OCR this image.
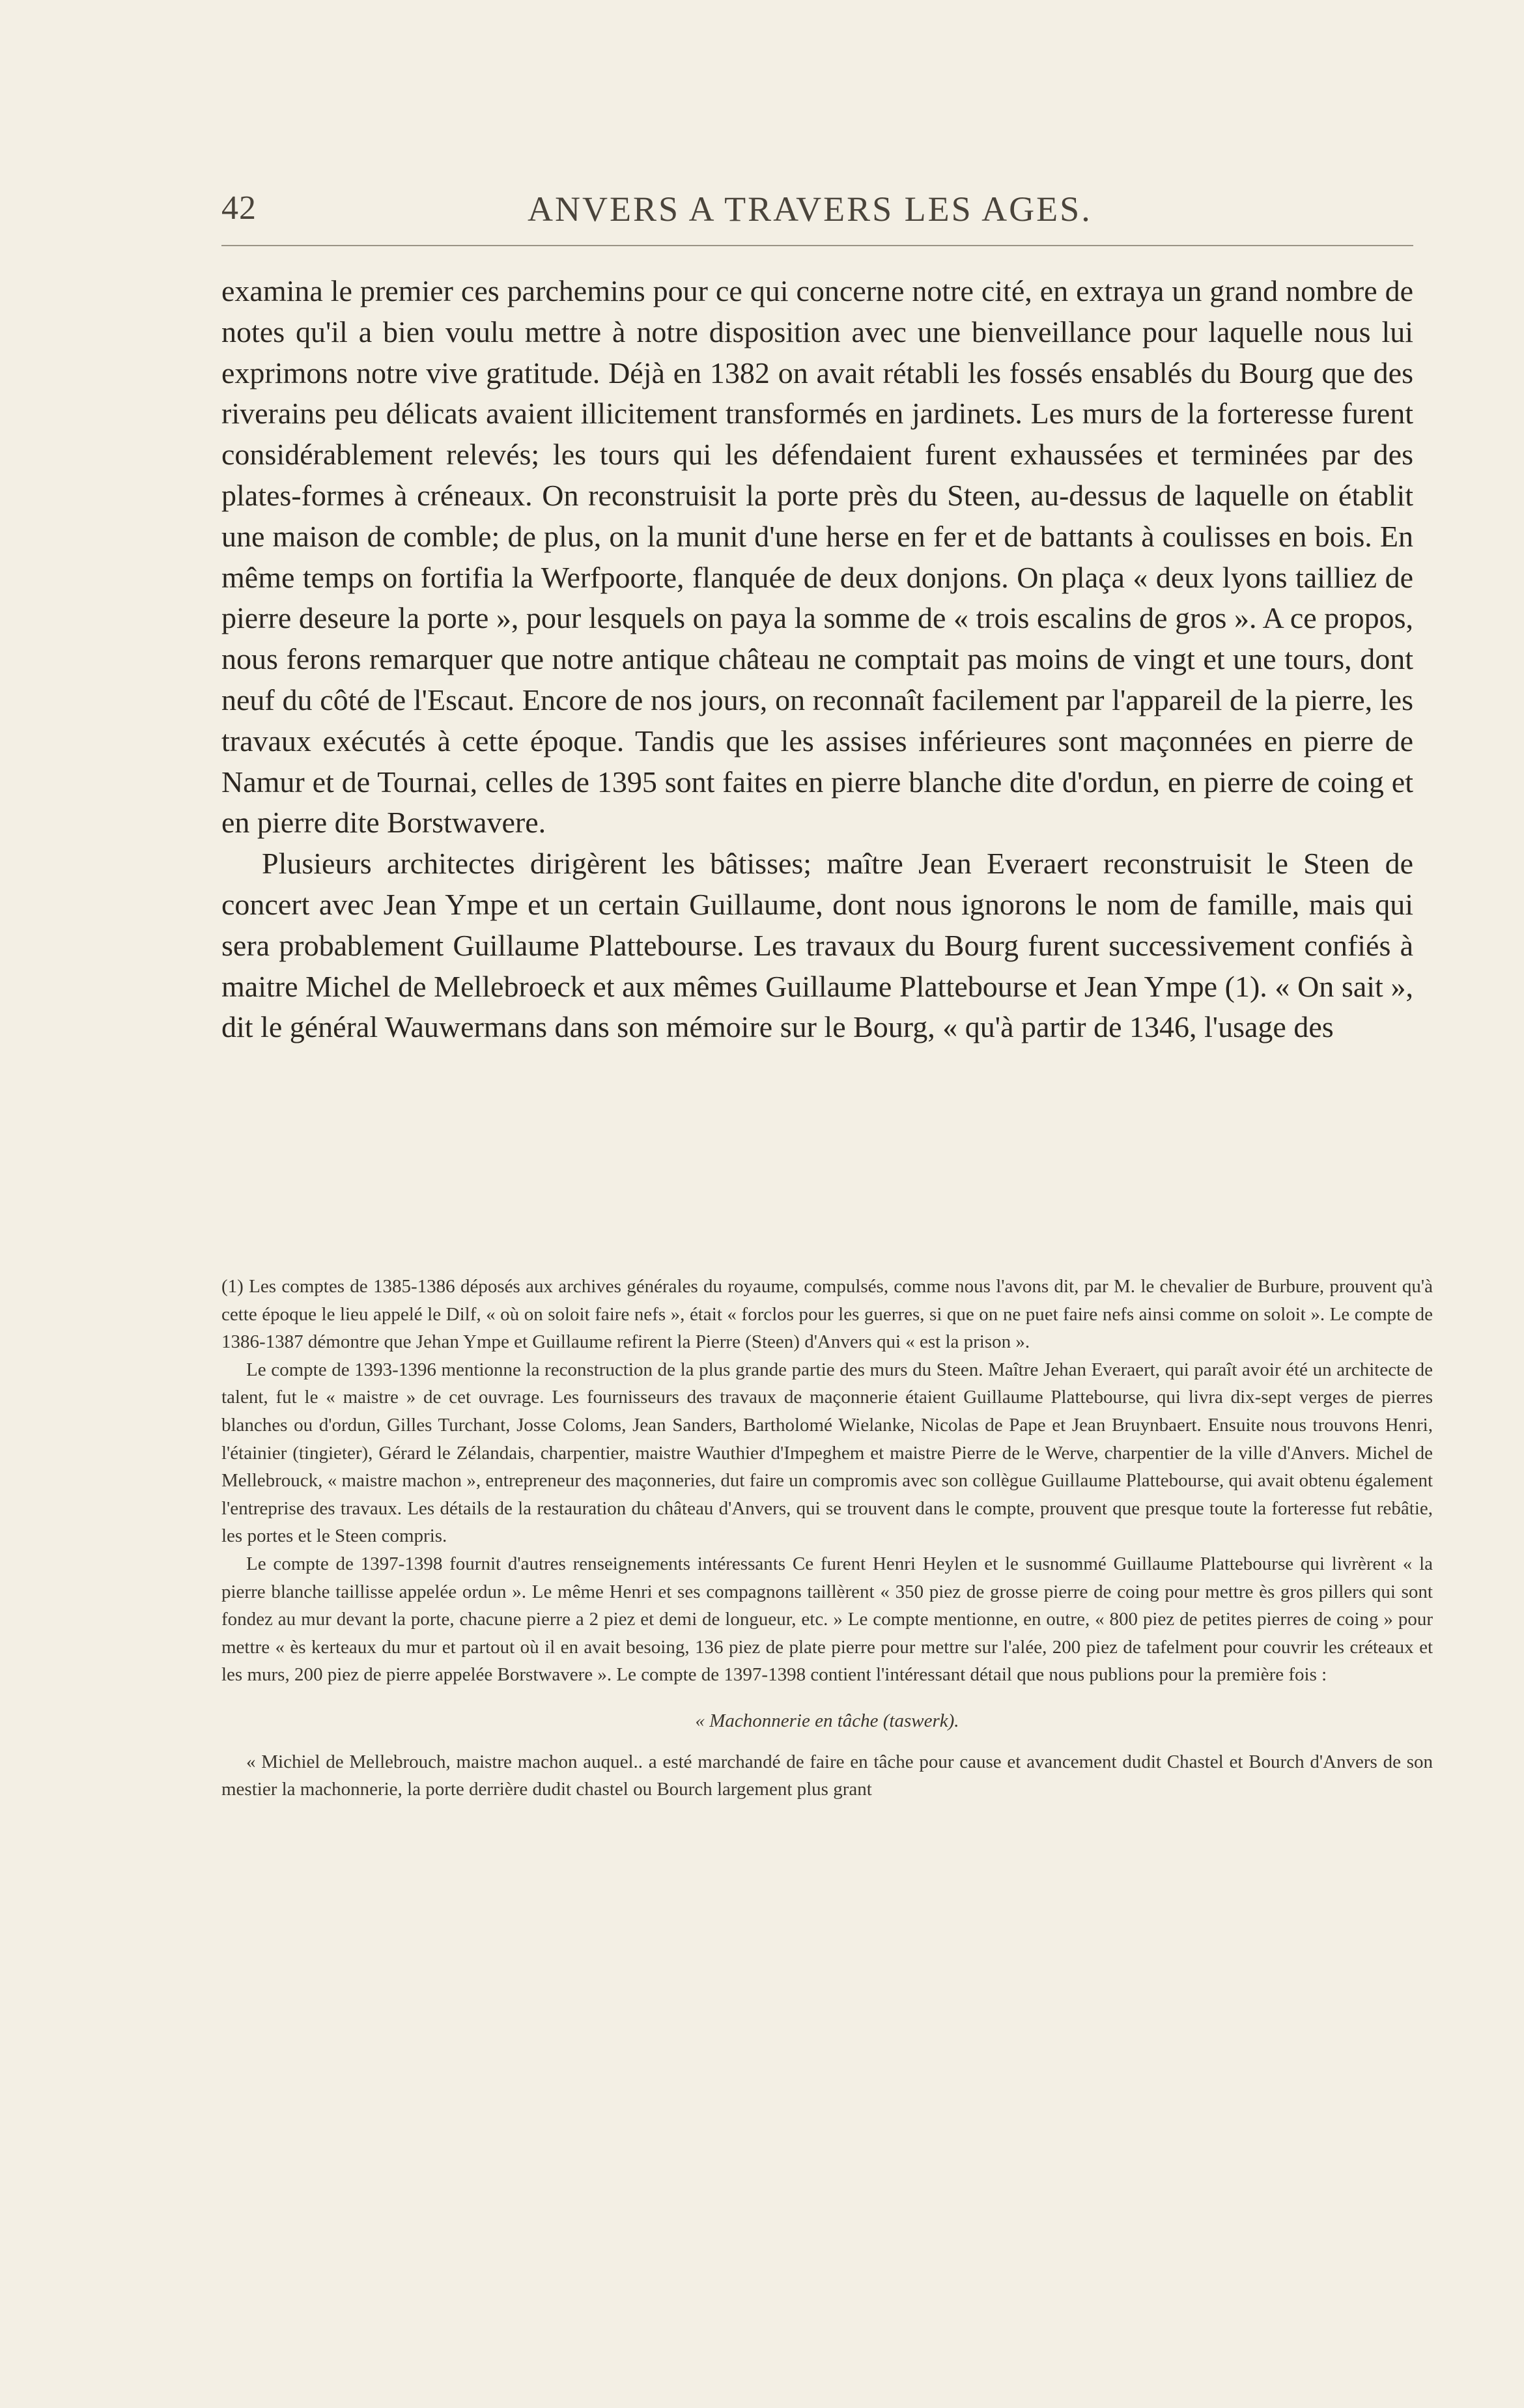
42	ANVERS A TRAVERS LES AGES.

examina le premier ces parchemins pour ce qui concerne notre cité, en extraya un grand nombre de notes qu'il a bien voulu mettre à notre disposition avec une bienveillance pour laquelle nous lui exprimons notre vive gratitude. Déjà en 1382 on avait rétabli les fossés ensablés du Bourg que des riverains peu délicats avaient illicitement transformés en jardinets. Les murs de la forteresse furent considérablement relevés; les tours qui les défendaient furent exhaussées et terminées par des plates-formes à créneaux. On reconstruisit la porte près du Steen, au-dessus de laquelle on établit une maison de comble; de plus, on la munit d'une herse en fer et de battants à coulisses en bois. En même temps on fortifia la Werfpoorte, flanquée de deux donjons. On plaça « deux lyons tailliez de pierre deseure la porte », pour lesquels on paya la somme de « trois escalins de gros ». A ce propos, nous ferons remarquer que notre antique château ne comptait pas moins de vingt et une tours, dont neuf du côté de l'Escaut. Encore de nos jours, on reconnaît facilement par l'appareil de la pierre, les travaux exécutés à cette époque. Tandis que les assises inférieures sont maçonnées en pierre de Namur et de Tournai, celles de 1395 sont faites en pierre blanche dite d'ordun, en pierre de coing et en pierre dite Borstwavere.

Plusieurs architectes dirigèrent les bâtisses; maître Jean Everaert reconstruisit le Steen de concert avec Jean Ympe et un certain Guillaume, dont nous ignorons le nom de famille, mais qui sera probablement Guillaume Plattebourse. Les travaux du Bourg furent successivement confiés à maitre Michel de Mellebroeck et aux mêmes Guillaume Plattebourse et Jean Ympe (1). « On sait », dit le général Wauwermans dans son mémoire sur le Bourg, « qu'à partir de 1346, l'usage des

(1) Les comptes de 1385-1386 déposés aux archives générales du royaume, compulsés, comme nous l'avons dit, par M. le chevalier de Burbure, prouvent qu'à cette époque le lieu appelé le Dilf, « où on soloit faire nefs », était « forclos pour les guerres, si que on ne puet faire nefs ainsi comme on soloit ». Le compte de 1386-1387 démontre que Jehan Ympe et Guillaume refirent la Pierre (Steen) d'Anvers qui « est la prison ».

Le compte de 1393-1396 mentionne la reconstruction de la plus grande partie des murs du Steen. Maître Jehan Everaert, qui paraît avoir été un architecte de talent, fut le « maistre » de cet ouvrage. Les fournisseurs des travaux de maçonnerie étaient Guillaume Plattebourse, qui livra dix-sept verges de pierres blanches ou d'ordun, Gilles Turchant, Josse Coloms, Jean Sanders, Bartholomé Wielanke, Nicolas de Pape et Jean Bruynbaert. Ensuite nous trouvons Henri, l'étainier (tingieter), Gérard le Zélandais, charpentier, maistre Wauthier d'Impeghem et maistre Pierre de le Werve, charpentier de la ville d'Anvers. Michel de Mellebrouck, « maistre machon », entrepreneur des maçonneries, dut faire un compromis avec son collègue Guillaume Plattebourse, qui avait obtenu également l'entreprise des travaux. Les détails de la restauration du château d'Anvers, qui se trouvent dans le compte, prouvent que presque toute la forteresse fut rebâtie, les portes et le Steen compris.

Le compte de 1397-1398 fournit d'autres renseignements intéressants Ce furent Henri Heylen et le susnommé Guillaume Plattebourse qui livrèrent « la pierre blanche taillisse appelée ordun ». Le même Henri et ses compagnons taillèrent « 350 piez de grosse pierre de coing pour mettre ès gros pillers qui sont fondez au mur devant la porte, chacune pierre a 2 piez et demi de longueur, etc. » Le compte mentionne, en outre, « 800 piez de petites pierres de coing » pour mettre « ès kerteaux du mur et partout où il en avait besoing, 136 piez de plate pierre pour mettre sur l'alée, 200 piez de tafelment pour couvrir les créteaux et les murs, 200 piez de pierre appelée Borstwavere ». Le compte de 1397-1398 contient l'intéressant détail que nous publions pour la première fois :

« Machonnerie en tâche (taswerk).

« Michiel de Mellebrouch, maistre machon auquel.. a esté marchandé de faire en tâche pour cause et avancement dudit Chastel et Bourch d'Anvers de son mestier la machonnerie, la porte derrière dudit chastel ou Bourch largement plus grant
